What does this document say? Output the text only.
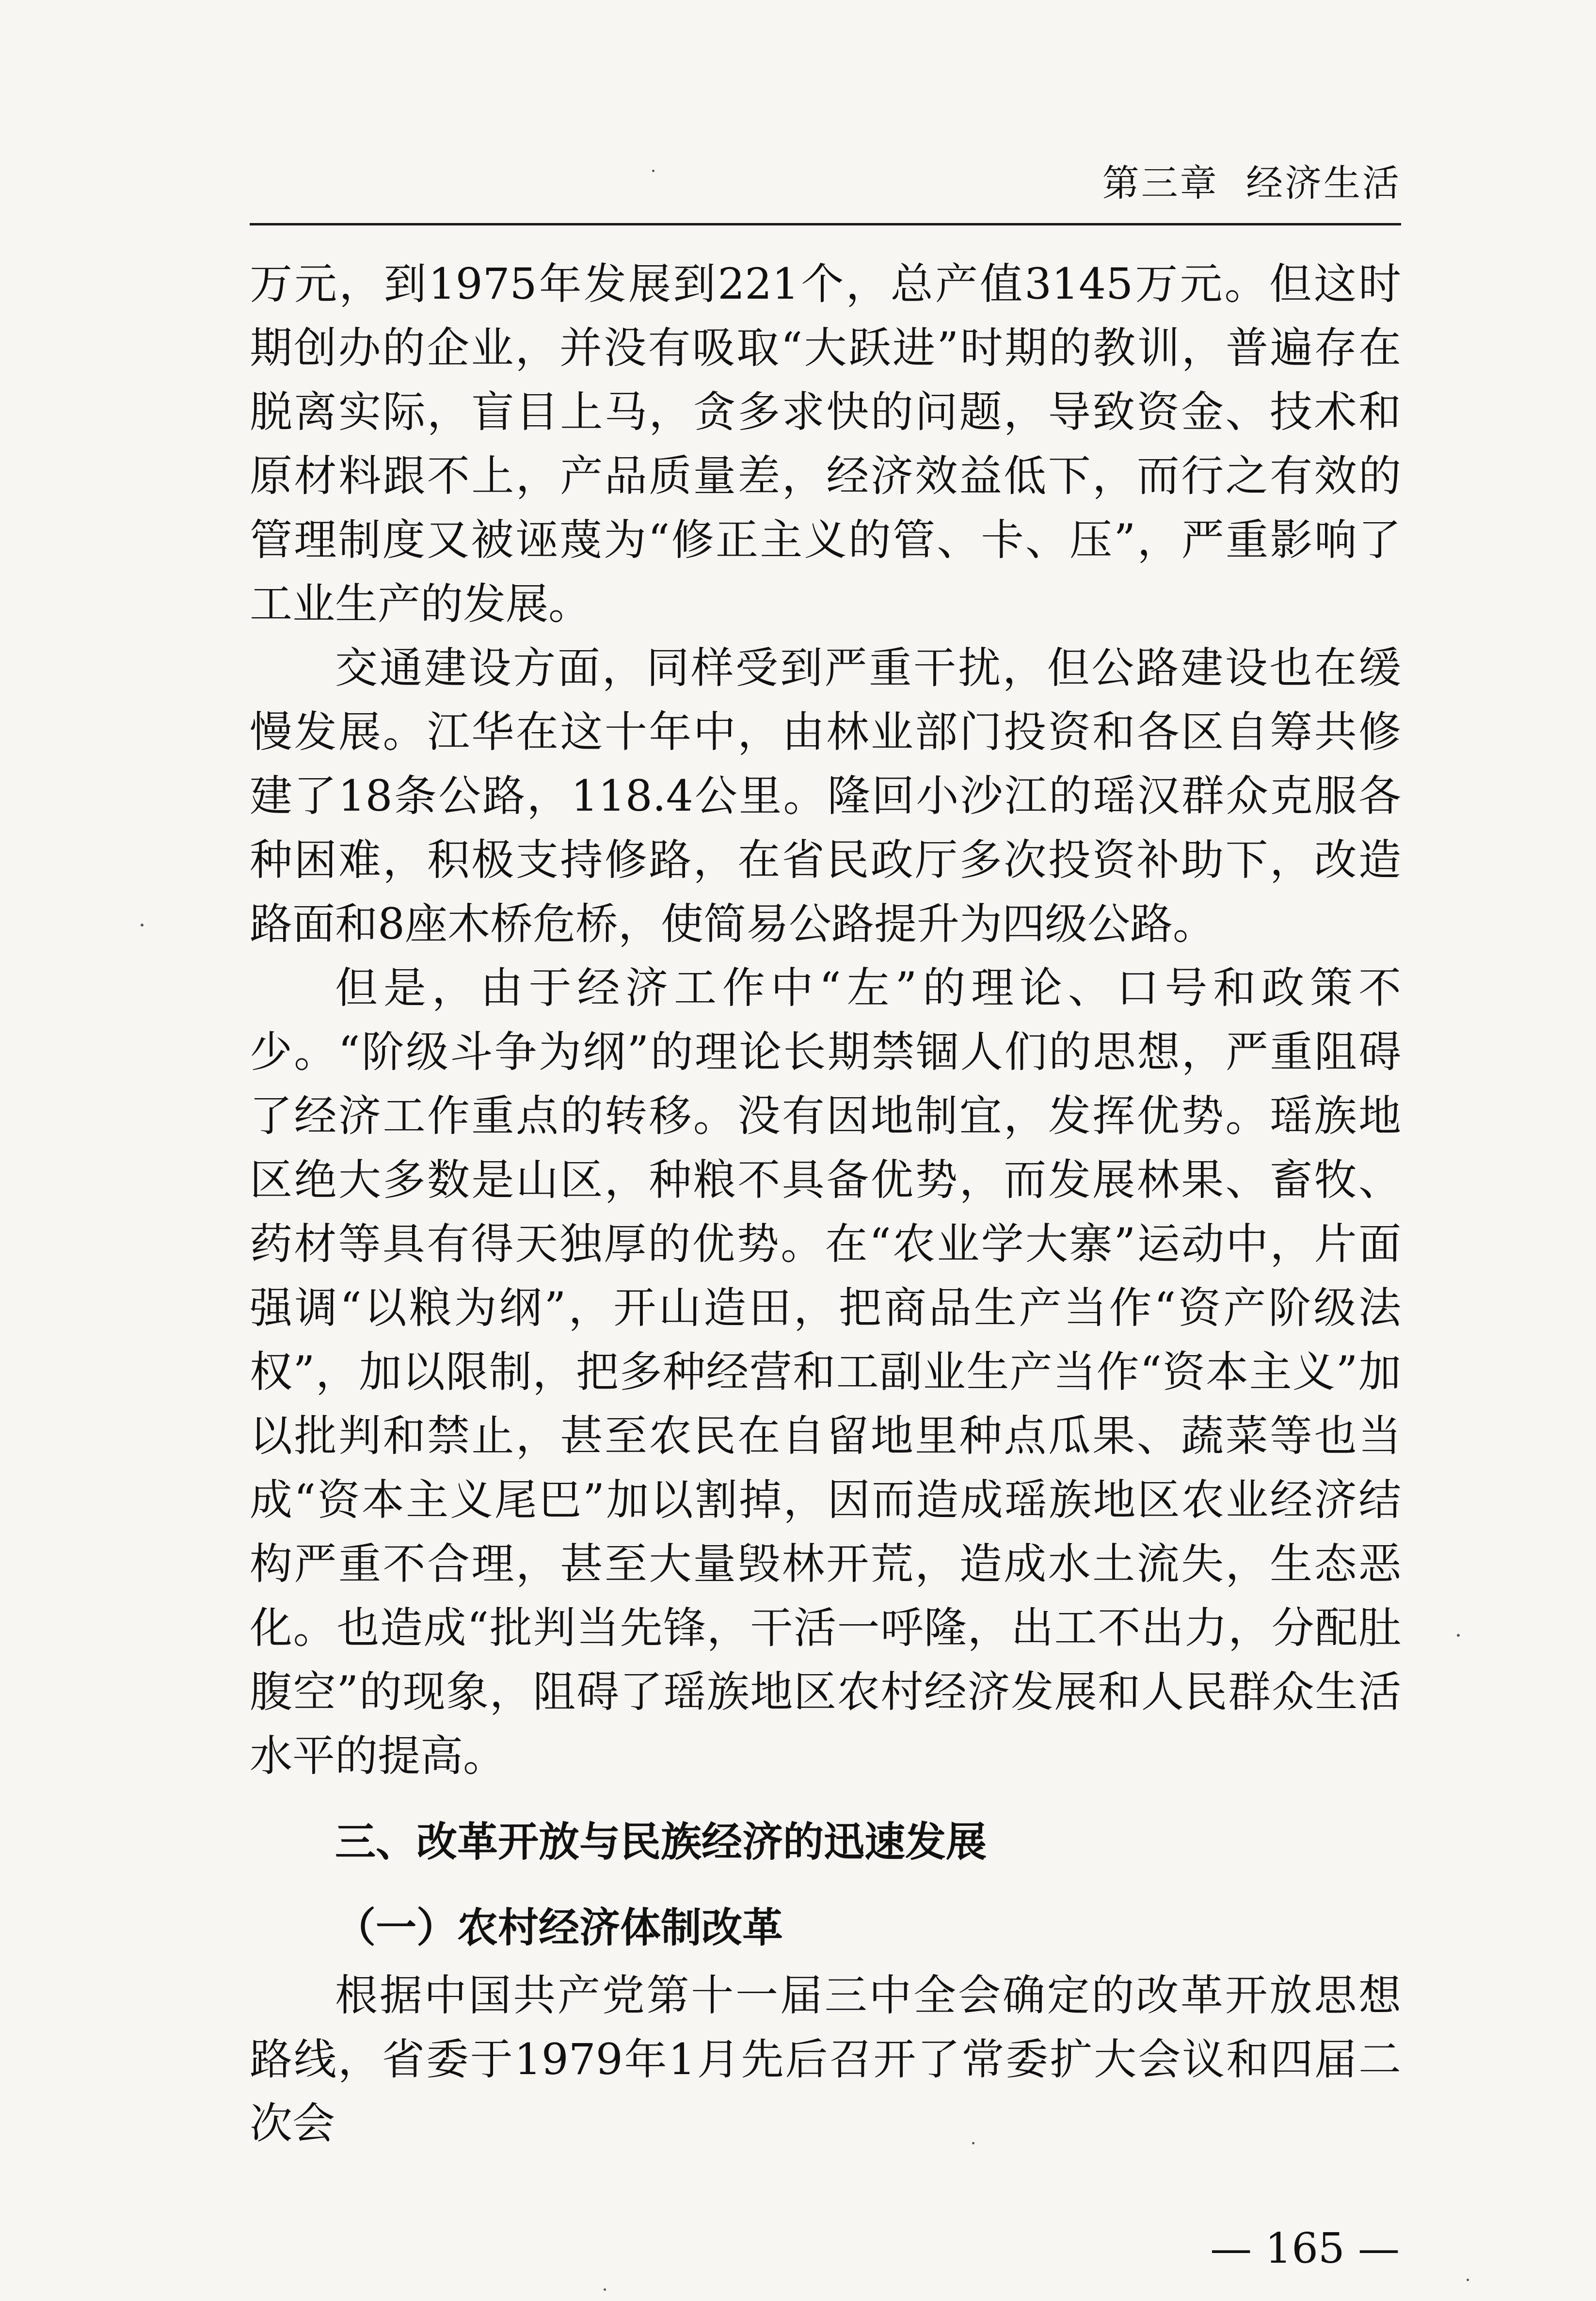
第三章 经济生活

万元，到1975年发展到221个，总产值3145万元。但这时期创办的企业，并没有吸取“大跃进”时期的教训，普遍存在脱离实际，盲目上马，贪多求快的问题，导致资金、技术和原材料跟不上，产品质量差，经济效益低下，而行之有效的管理制度又被诬蔑为“修正主义的管、卡、压”，严重影响了工业生产的发展。

交通建设方面，同样受到严重干扰，但公路建设也在缓慢发展。江华在这十年中，由林业部门投资和各区自筹共修建了18条公路，118.4公里。隆回小沙江的瑶汉群众克服各种困难，积极支持修路，在省民政厅多次投资补助下，改造路面和8座木桥危桥，使简易公路提升为四级公路。

但是，由于经济工作中“左”的理论、口号和政策不少。“阶级斗争为纲”的理论长期禁锢人们的思想，严重阻碍了经济工作重点的转移。没有因地制宜，发挥优势。瑶族地区绝大多数是山区，种粮不具备优势，而发展林果、畜牧、药材等具有得天独厚的优势。在“农业学大寨”运动中，片面强调“以粮为纲”，开山造田，把商品生产当作“资产阶级法权”，加以限制，把多种经营和工副业生产当作“资本主义”加以批判和禁止，甚至农民在自留地里种点瓜果、蔬菜等也当成“资本主义尾巴”加以割掉，因而造成瑶族地区农业经济结构严重不合理，甚至大量毁林开荒，造成水土流失，生态恶化。也造成“批判当先锋，干活一呼隆，出工不出力，分配肚腹空”的现象，阻碍了瑶族地区农村经济发展和人民群众生活水平的提高。

三、改革开放与民族经济的迅速发展
（一）农村经济体制改革

根据中国共产党第十一届三中全会确定的改革开放思想路线，省委于1979年1月先后召开了常委扩大会议和四届二次会

— 165 —
